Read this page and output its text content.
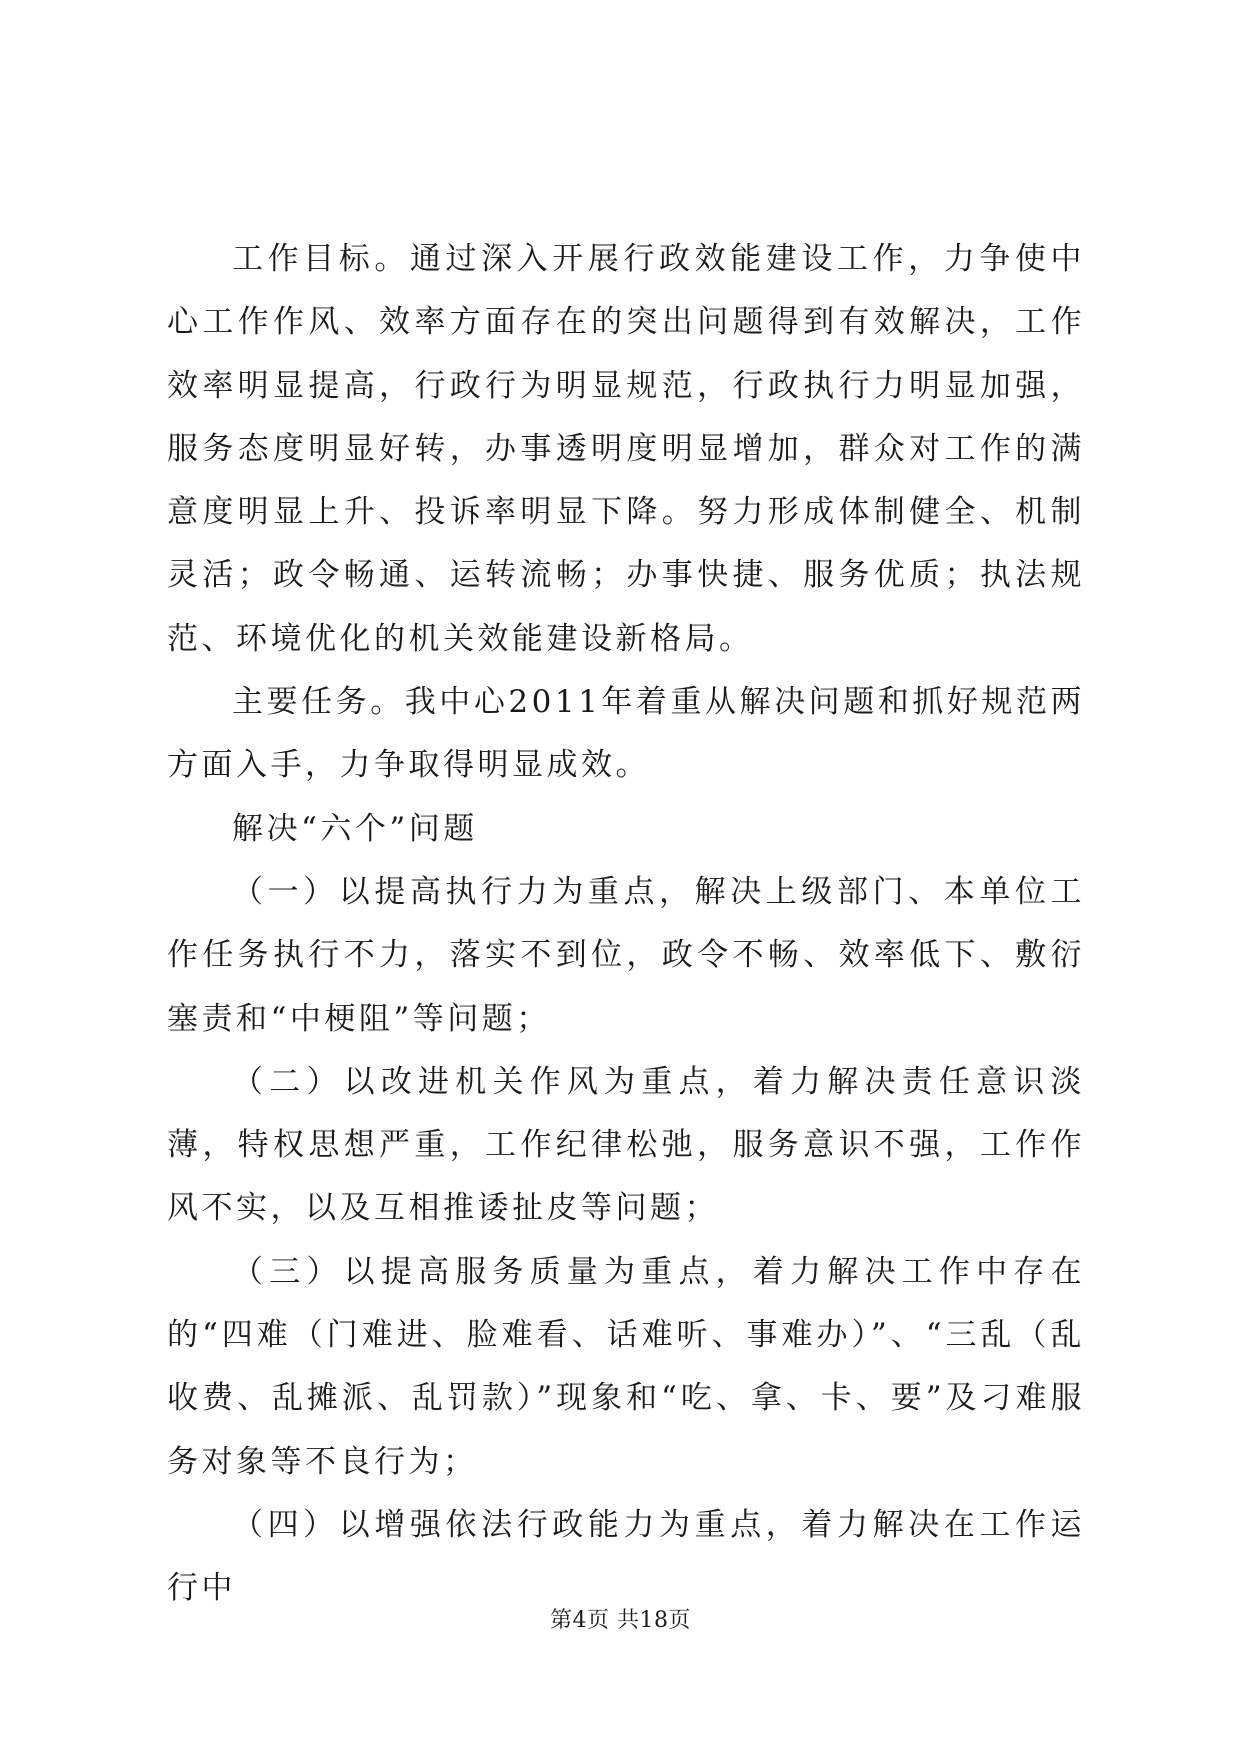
工作目标。通过深入开展行政效能建设工作，力争使中心工作作风、效率方面存在的突出问题得到有效解决，工作效率明显提高，行政行为明显规范，行政执行力明显加强，服务态度明显好转，办事透明度明显增加，群众对工作的满意度明显上升、投诉率明显下降。努力形成体制健全、机制灵活；政令畅通、运转流畅；办事快捷、服务优质；执法规范、环境优化的机关效能建设新格局。

主要任务。我中心2011年着重从解决问题和抓好规范两方面入手，力争取得明显成效。

解决“六个”问题

（一）以提高执行力为重点，解决上级部门、本单位工作任务执行不力，落实不到位，政令不畅、效率低下、敷衍塞责和“中梗阻”等问题；

（二）以改进机关作风为重点，着力解决责任意识淡薄，特权思想严重，工作纪律松弛，服务意识不强，工作作风不实，以及互相推诿扯皮等问题；

（三）以提高服务质量为重点，着力解决工作中存在的“四难（门难进、脸难看、话难听、事难办）”、“三乱（乱收费、乱摊派、乱罚款）”现象和“吃、拿、卡、要”及刁难服务对象等不良行为；

（四）以增强依法行政能力为重点，着力解决在工作运行中

第4页 共18页
